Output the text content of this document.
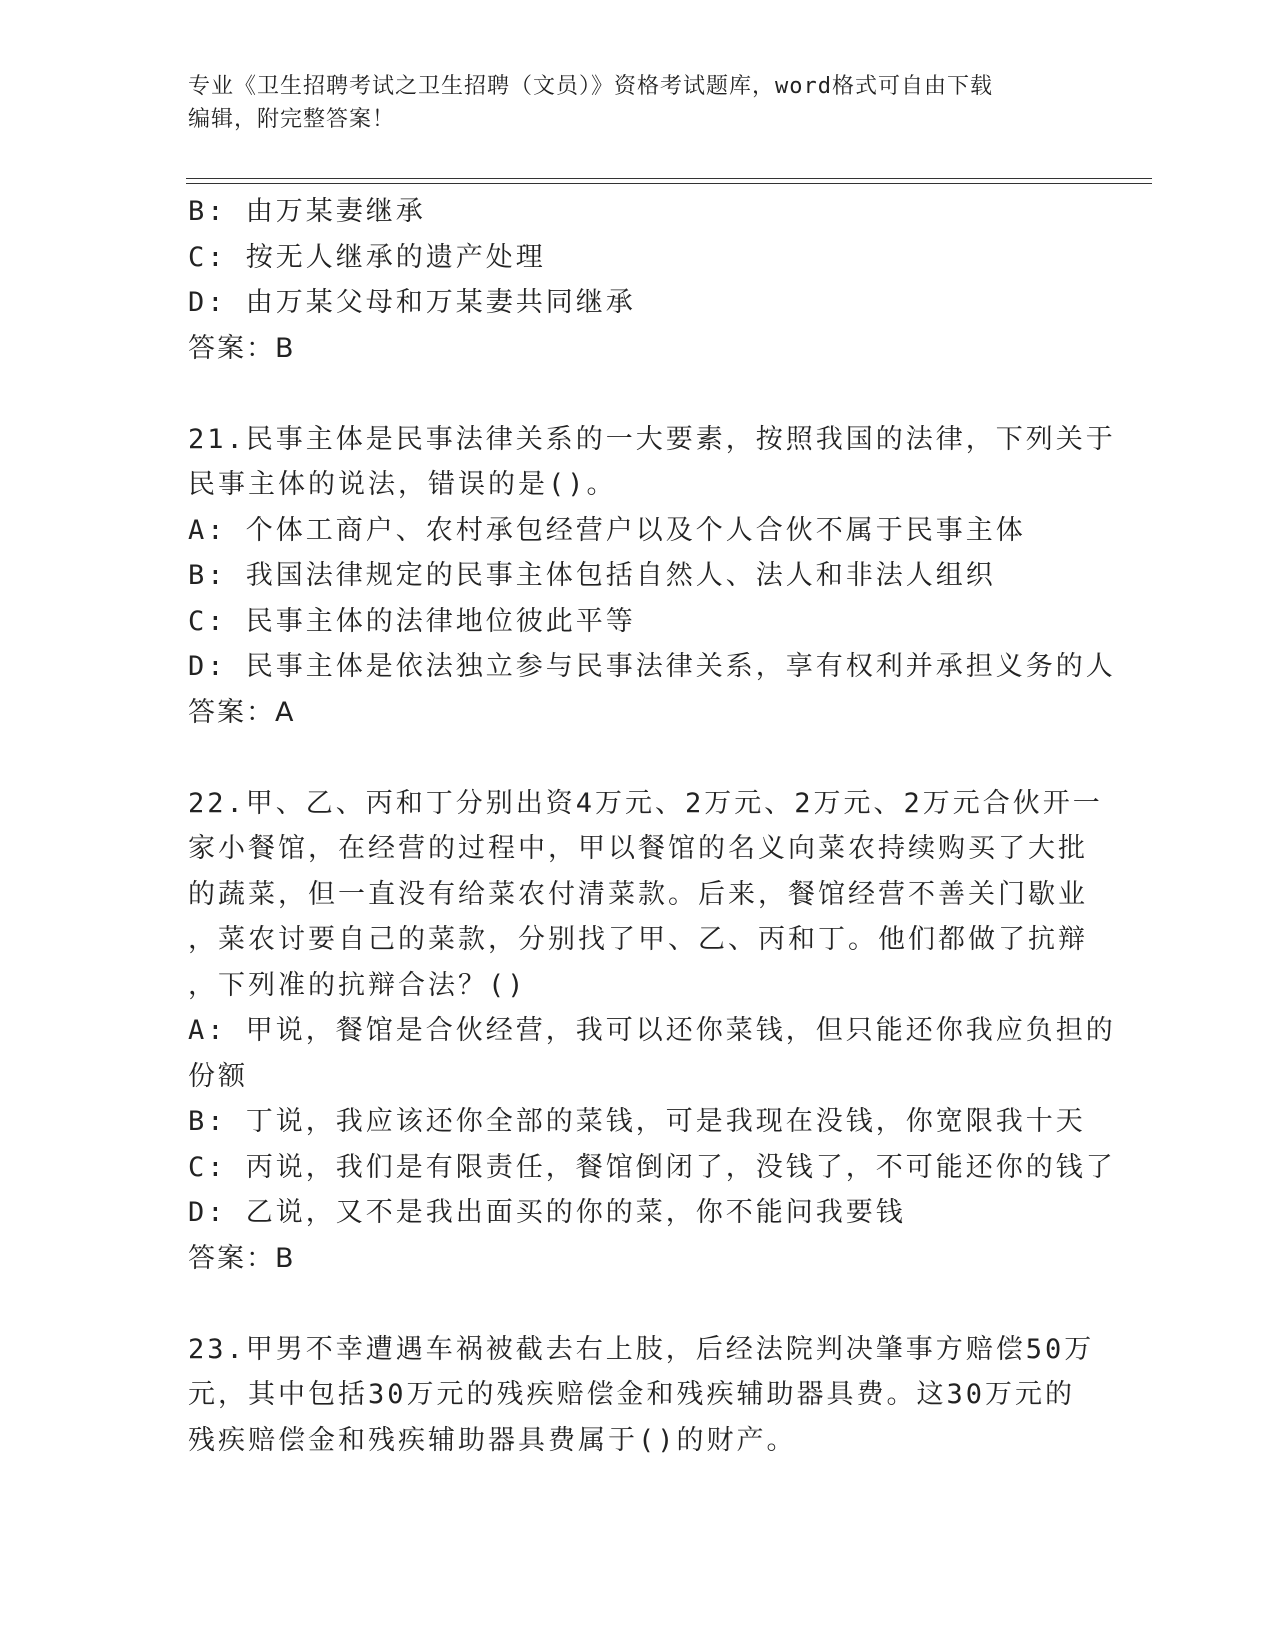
专业《卫生招聘考试之卫生招聘（文员）》资格考试题库，word格式可自由下载
编辑，附完整答案！
B: 由万某妻继承
C: 按无人继承的遗产处理
D: 由万某父母和万某妻共同继承
答案：B
21.民事主体是民事法律关系的一大要素，按照我国的法律，下列关于
民事主体的说法，错误的是()。
A: 个体工商户、农村承包经营户以及个人合伙不属于民事主体
B: 我国法律规定的民事主体包括自然人、法人和非法人组织
C: 民事主体的法律地位彼此平等
D: 民事主体是依法独立参与民事法律关系，享有权利并承担义务的人
答案：A
22.甲、乙、丙和丁分别出资4万元、2万元、2万元、2万元合伙开一
家小餐馆，在经营的过程中，甲以餐馆的名义向菜农持续购买了大批
的蔬菜，但一直没有给菜农付清菜款。后来，餐馆经营不善关门歇业
，菜农讨要自己的菜款，分别找了甲、乙、丙和丁。他们都做了抗辩
，下列准的抗辩合法？()
A: 甲说，餐馆是合伙经营，我可以还你菜钱，但只能还你我应负担的
份额
B: 丁说，我应该还你全部的菜钱，可是我现在没钱，你宽限我十天
C: 丙说，我们是有限责任，餐馆倒闭了，没钱了，不可能还你的钱了
D: 乙说，又不是我出面买的你的菜，你不能问我要钱
答案：B
23.甲男不幸遭遇车祸被截去右上肢，后经法院判决肇事方赔偿50万
元，其中包括30万元的残疾赔偿金和残疾辅助器具费。这30万元的
残疾赔偿金和残疾辅助器具费属于()的财产。
